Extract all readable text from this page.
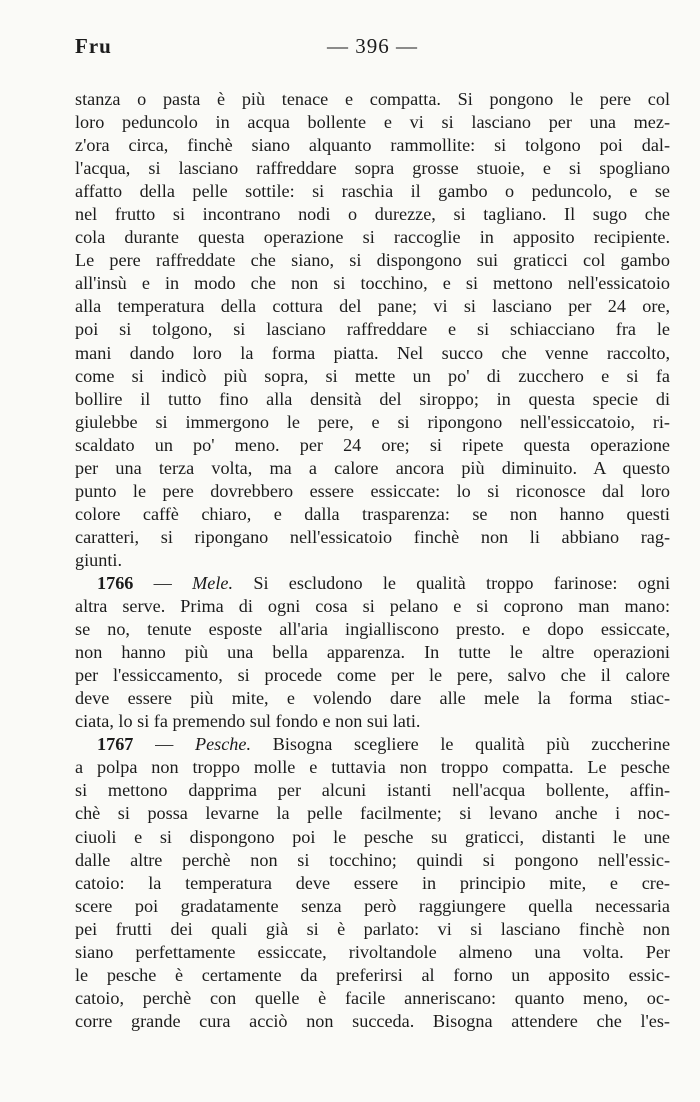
Fru	— 396 —
stanza o pasta è più tenace e compatta. Si pongono le pere col
loro peduncolo in acqua bollente e vi si lasciano per una mez-
z'ora circa, finchè siano alquanto rammollite: si tolgono poi dal-
l'acqua, si lasciano raffreddare sopra grosse stuoie, e si spogliano
affatto della pelle sottile: si raschia il gambo o peduncolo, e se
nel frutto si incontrano nodi o durezze, si tagliano. Il sugo che
cola durante questa operazione si raccoglie in apposito recipiente.
Le pere raffreddate che siano, si dispongono sui graticci col gambo
all'insù e in modo che non si tocchino, e si mettono nell'essicatoio
alla temperatura della cottura del pane; vi si lasciano per 24 ore,
poi si tolgono, si lasciano raffreddare e si schiacciano fra le
mani dando loro la forma piatta. Nel succo che venne raccolto,
come si indicò più sopra, si mette un po' di zucchero e si fa
bollire il tutto fino alla densità del siroppo; in questa specie di
giulebbe si immergono le pere, e si ripongono nell'essiccatoio, ri-
scaldato un po' meno. per 24 ore; si ripete questa operazione
per una terza volta, ma a calore ancora più diminuito. A questo
punto le pere dovrebbero essere essiccate: lo si riconosce dal loro
colore caffè chiaro, e dalla trasparenza: se non hanno questi
caratteri, si ripongano nell'essicatoio finchè non li abbiano rag-
giunti.
1766 — Mele. Si escludono le qualità troppo farinose: ogni
altra serve. Prima di ogni cosa si pelano e si coprono man mano:
se no, tenute esposte all'aria ingialliscono presto. e dopo essiccate,
non hanno più una bella apparenza. In tutte le altre operazioni
per l'essiccamento, si procede come per le pere, salvo che il calore
deve essere più mite, e volendo dare alle mele la forma stiac-
ciata, lo si fa premendo sul fondo e non sui lati.
1767 — Pesche. Bisogna scegliere le qualità più zuccherine
a polpa non troppo molle e tuttavia non troppo compatta. Le pesche
si mettono dapprima per alcuni istanti nell'acqua bollente, affin-
chè si possa levarne la pelle facilmente; si levano anche i noc-
ciuoli e si dispongono poi le pesche su graticci, distanti le une
dalle altre perchè non si tocchino; quindi si pongono nell'essic-
catoio: la temperatura deve essere in principio mite, e cre-
scere poi gradatamente senza però raggiungere quella necessaria
pei frutti dei quali già si è parlato: vi si lasciano finchè non
siano perfettamente essiccate, rivoltandole almeno una volta. Per
le pesche è certamente da preferirsi al forno un apposito essic-
catoio, perchè con quelle è facile anneriscano: quanto meno, oc-
corre grande cura acciò non succeda. Bisogna attendere che l'es-
